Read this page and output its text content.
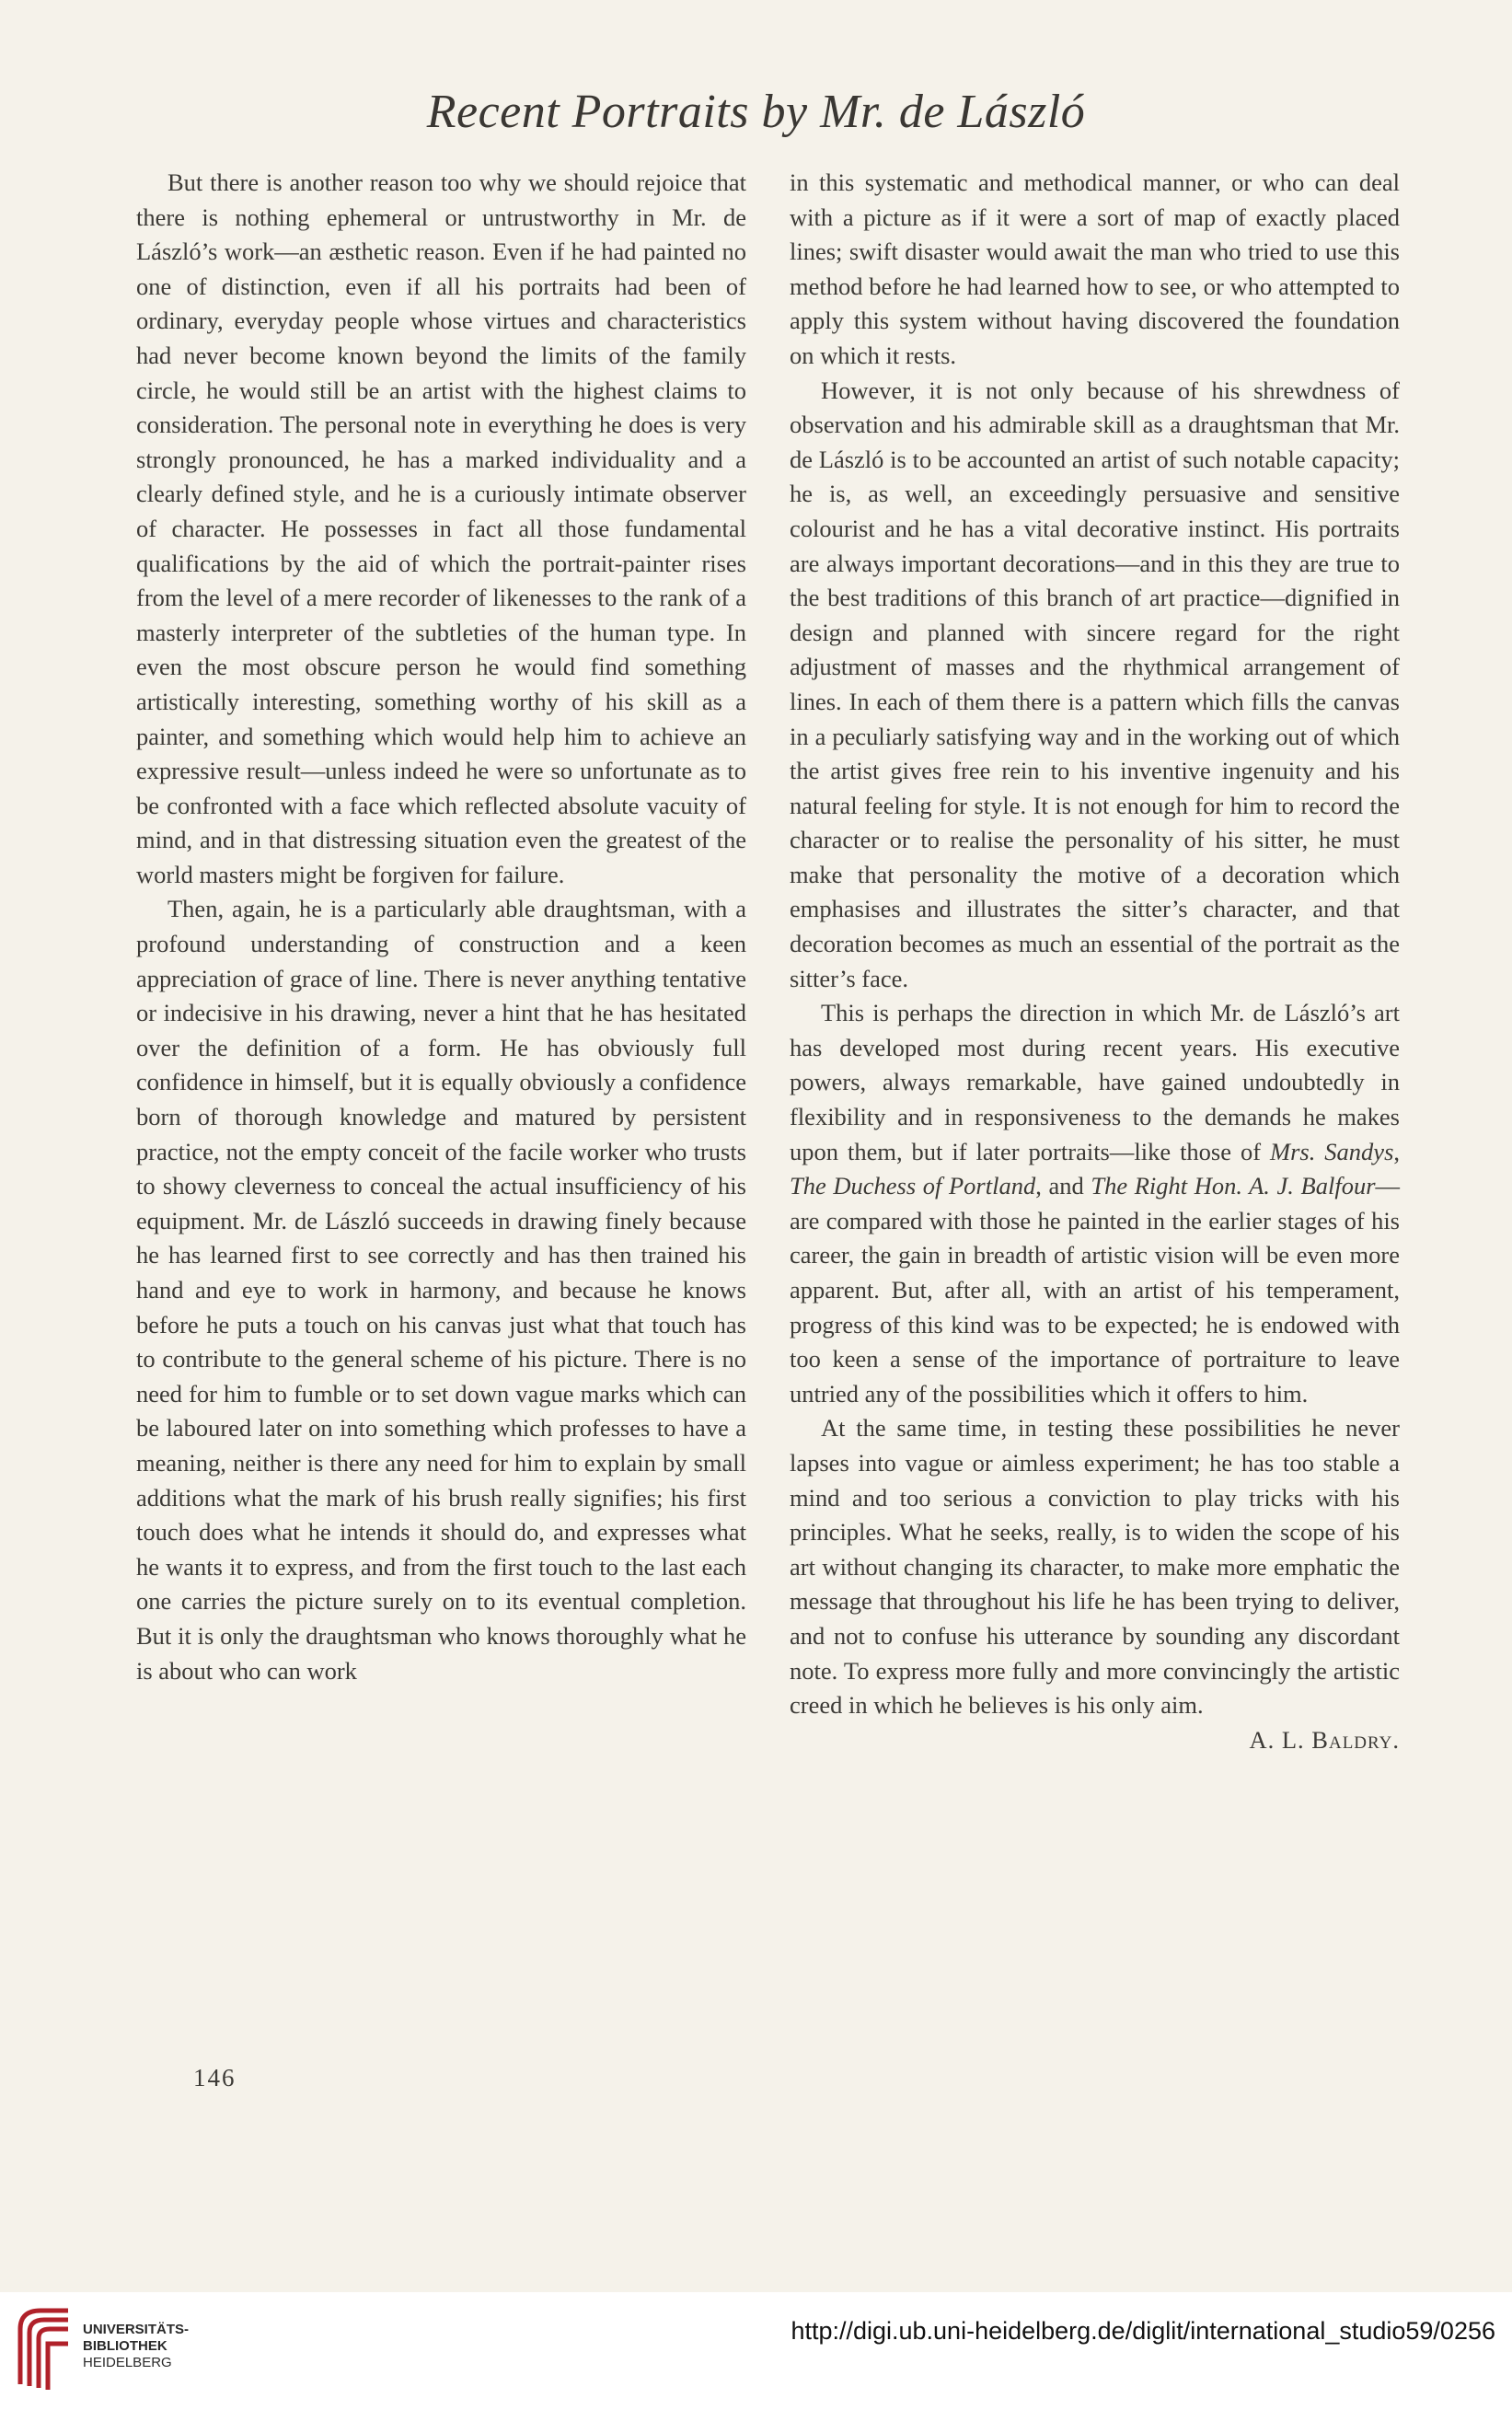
Recent Portraits by Mr. de László

But there is another reason too why we should rejoice that there is nothing ephemeral or untrustworthy in Mr. de László’s work—an æsthetic reason. Even if he had painted no one of distinction, even if all his portraits had been of ordinary, everyday people whose virtues and characteristics had never become known beyond the limits of the family circle, he would still be an artist with the highest claims to consideration. The personal note in everything he does is very strongly pronounced, he has a marked individuality and a clearly defined style, and he is a curiously intimate observer of character. He possesses in fact all those fundamental qualifications by the aid of which the portrait-painter rises from the level of a mere recorder of likenesses to the rank of a masterly interpreter of the subtleties of the human type. In even the most obscure person he would find something artistically interesting, something worthy of his skill as a painter, and something which would help him to achieve an expressive result—unless indeed he were so unfortunate as to be confronted with a face which reflected absolute vacuity of mind, and in that distressing situation even the greatest of the world masters might be forgiven for failure.

Then, again, he is a particularly able draughtsman, with a profound understanding of construction and a keen appreciation of grace of line. There is never anything tentative or indecisive in his drawing, never a hint that he has hesitated over the definition of a form. He has obviously full confidence in himself, but it is equally obviously a confidence born of thorough knowledge and matured by persistent practice, not the empty conceit of the facile worker who trusts to showy cleverness to conceal the actual insufficiency of his equipment. Mr. de László succeeds in drawing finely because he has learned first to see correctly and has then trained his hand and eye to work in harmony, and because he knows before he puts a touch on his canvas just what that touch has to contribute to the general scheme of his picture. There is no need for him to fumble or to set down vague marks which can be laboured later on into something which professes to have a meaning, neither is there any need for him to explain by small additions what the mark of his brush really signifies; his first touch does what he intends it should do, and expresses what he wants it to express, and from the first touch to the last each one carries the picture surely on to its eventual completion. But it is only the draughtsman who knows thoroughly what he is about who can work

in this systematic and methodical manner, or who can deal with a picture as if it were a sort of map of exactly placed lines; swift disaster would await the man who tried to use this method before he had learned how to see, or who attempted to apply this system without having discovered the foundation on which it rests.

However, it is not only because of his shrewdness of observation and his admirable skill as a draughtsman that Mr. de László is to be accounted an artist of such notable capacity; he is, as well, an exceedingly persuasive and sensitive colourist and he has a vital decorative instinct. His portraits are always important decorations—and in this they are true to the best traditions of this branch of art practice—dignified in design and planned with sincere regard for the right adjustment of masses and the rhythmical arrangement of lines. In each of them there is a pattern which fills the canvas in a peculiarly satisfying way and in the working out of which the artist gives free rein to his inventive ingenuity and his natural feeling for style. It is not enough for him to record the character or to realise the personality of his sitter, he must make that personality the motive of a decoration which emphasises and illustrates the sitter’s character, and that decoration becomes as much an essential of the portrait as the sitter’s face.

This is perhaps the direction in which Mr. de László’s art has developed most during recent years. His executive powers, always remarkable, have gained undoubtedly in flexibility and in responsiveness to the demands he makes upon them, but if later portraits—like those of Mrs. Sandys, The Duchess of Portland, and The Right Hon. A. J. Balfour—are compared with those he painted in the earlier stages of his career, the gain in breadth of artistic vision will be even more apparent. But, after all, with an artist of his temperament, progress of this kind was to be expected; he is endowed with too keen a sense of the importance of portraiture to leave untried any of the possibilities which it offers to him.

At the same time, in testing these possibilities he never lapses into vague or aimless experiment; he has too stable a mind and too serious a conviction to play tricks with his principles. What he seeks, really, is to widen the scope of his art without changing its character, to make more emphatic the message that throughout his life he has been trying to deliver, and not to confuse his utterance by sounding any discordant note. To express more fully and more convincingly the artistic creed in which he believes is his only aim.
A. L. Baldry.

146
UNIVERSITÄTS-
BIBLIOTHEK
HEIDELBERG
http://digi.ub.uni-heidelberg.de/diglit/international_studio59/0256
